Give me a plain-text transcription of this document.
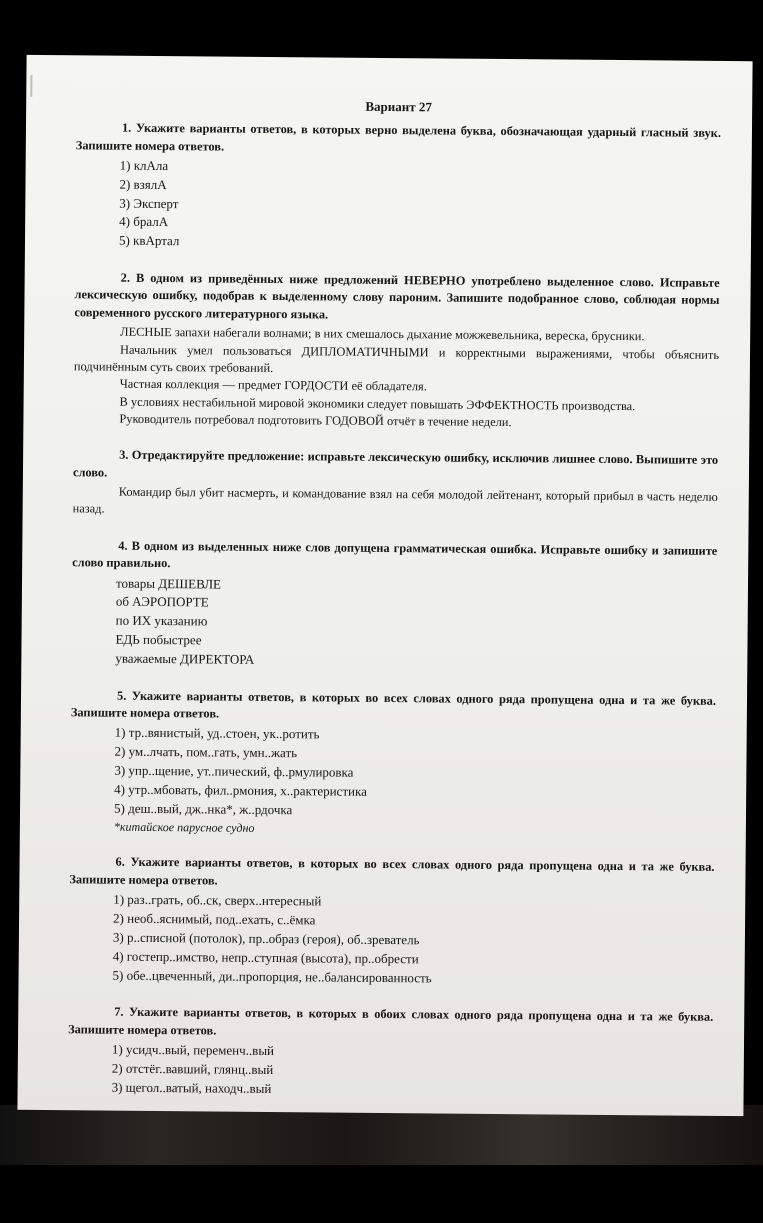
Вариант 27
1. Укажите варианты ответов, в которых верно выделена буква, обозначающая ударный гласный звук. Запишите номера ответов.
1) клАла
2) взялА
3) Эксперт
4) бралА
5) квАртал
2. В одном из приведённых ниже предложений НЕВЕРНО употреблено выделенное слово. Исправьте лексическую ошибку, подобрав к выделенному слову пароним. Запишите подобранное слово, соблюдая нормы современного русского литературного языка.
ЛЕСНЫЕ запахи набегали волнами; в них смешалось дыхание можжевельника, вереска, брусники.
Начальник умел пользоваться ДИПЛОМАТИЧНЫМИ и корректными выражениями, чтобы объяснить подчинённым суть своих требований.
Частная коллекция — предмет ГОРДОСТИ её обладателя.
В условиях нестабильной мировой экономики следует повышать ЭФФЕКТНОСТЬ производства.
Руководитель потребовал подготовить ГОДОВОЙ отчёт в течение недели.
3. Отредактируйте предложение: исправьте лексическую ошибку, исключив лишнее слово. Выпишите это слово.
Командир был убит насмерть, и командование взял на себя молодой лейтенант, который прибыл в часть неделю назад.
4. В одном из выделенных ниже слов допущена грамматическая ошибка. Исправьте ошибку и запишите слово правильно.
товары ДЕШЕВЛЕ
об АЭРОПОРТЕ
по ИХ указанию
ЕДЬ побыстрее
уважаемые ДИРЕКТОРА
5. Укажите варианты ответов, в которых во всех словах одного ряда пропущена одна и та же буква. Запишите номера ответов.
1) тр..вянистый, уд..стоен, ук..ротить
2) ум..лчать, пом..гать, умн..жать
3) упр..щение, ут..пический, ф..рмулировка
4) утр..мбовать, фил..рмония, х..рактеристика
5) деш..вый, дж..нка*, ж..рдочка
*китайское парусное судно
6. Укажите варианты ответов, в которых во всех словах одного ряда пропущена одна и та же буква. Запишите номера ответов.
1) раз..грать, об..ск, сверх..нтересный
2) необ..яснимый, под..ехать, с..ёмка
3) р..списной (потолок), пр..образ (героя), об..зреватель
4) гостепр..имство, непр..ступная (высота), пр..обрести
5) обе..цвеченный, ди..пропорция, не..балансированность
7. Укажите варианты ответов, в которых в обоих словах одного ряда пропущена одна и та же буква. Запишите номера ответов.
1) усидч..вый, переменч..вый
2) отстёг..вавший, глянц..вый
3) щегол..ватый, находч..вый
